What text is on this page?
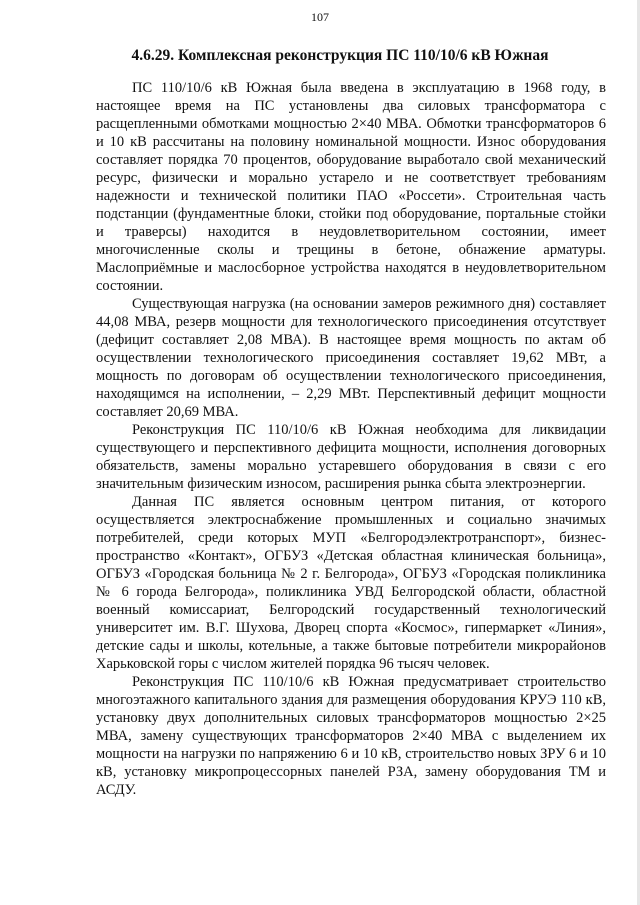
107
4.6.29. Комплексная реконструкция ПС 110/10/6 кВ Южная

ПС 110/10/6 кВ Южная была введена в эксплуатацию в 1968 году, в настоящее время на ПС установлены два силовых трансформатора с расщепленными обмотками мощностью 2×40 МВА. Обмотки трансформаторов 6 и 10 кВ рассчитаны на половину номинальной мощности. Износ оборудования составляет порядка 70 процентов, оборудование выработало свой механический ресурс, физически и морально устарело и не соответствует требованиям надежности и технической политики ПАО «Россети». Строительная часть подстанции (фундаментные блоки, стойки под оборудование, портальные стойки и траверсы) находится в неудовлетворительном состоянии, имеет многочисленные сколы и трещины в бетоне, обнажение арматуры. Маслоприёмные и маслосборное устройства находятся в неудовлетворительном состоянии.

Существующая нагрузка (на основании замеров режимного дня) составляет 44,08 МВА, резерв мощности для технологического присоединения отсутствует (дефицит составляет 2,08 МВА). В настоящее время мощность по актам об осуществлении технологического присоединения составляет 19,62 МВт, а мощность по договорам об осуществлении технологического присоединения, находящимся на исполнении, – 2,29 МВт. Перспективный дефицит мощности составляет 20,69 МВА.

Реконструкция ПС 110/10/6 кВ Южная необходима для ликвидации существующего и перспективного дефицита мощности, исполнения договорных обязательств, замены морально устаревшего оборудования в связи с его значительным физическим износом, расширения рынка сбыта электроэнергии.

Данная ПС является основным центром питания, от которого осуществляется электроснабжение промышленных и социально значимых потребителей, среди которых МУП «Белгородэлектротранспорт», бизнес-пространство «Контакт», ОГБУЗ «Детская областная клиническая больница», ОГБУЗ «Городская больница № 2 г. Белгорода», ОГБУЗ «Городская поликлиника № 6 города Белгорода», поликлиника УВД Белгородской области, областной военный комиссариат, Белгородский государственный технологический университет им. В.Г. Шухова, Дворец спорта «Космос», гипермаркет «Линия», детские сады и школы, котельные, а также бытовые потребители микрорайонов Харьковской горы с числом жителей порядка 96 тысяч человек.

Реконструкция ПС 110/10/6 кВ Южная предусматривает строительство многоэтажного капитального здания для размещения оборудования КРУЭ 110 кВ, установку двух дополнительных силовых трансформаторов мощностью 2×25 МВА, замену существующих трансформаторов 2×40 МВА с выделением их мощности на нагрузки по напряжению 6 и 10 кВ, строительство новых ЗРУ 6 и 10 кВ, установку микропроцессорных панелей РЗА, замену оборудования ТМ и АСДУ.
